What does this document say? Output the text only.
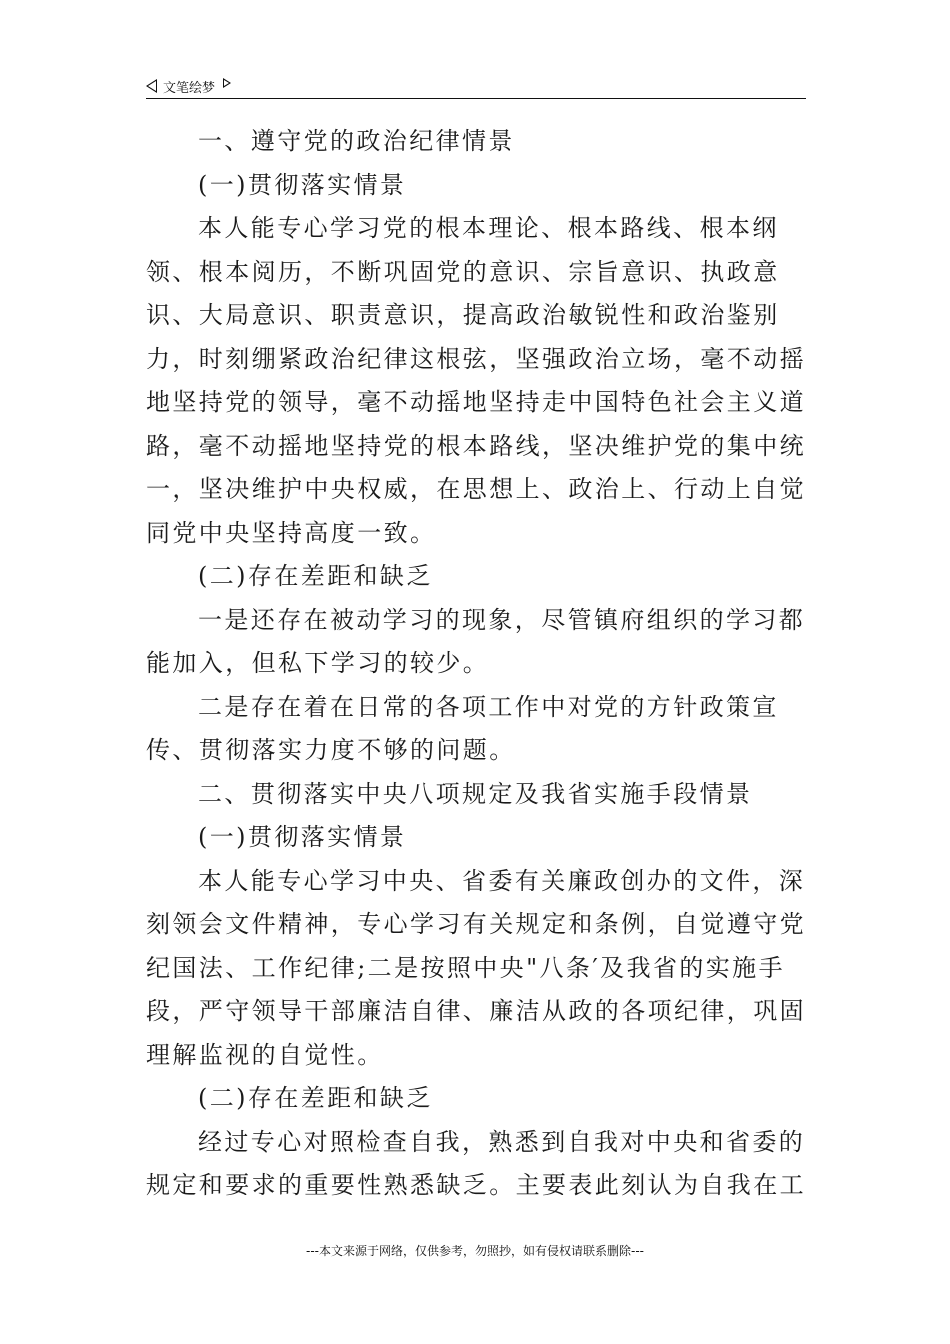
文笔绘梦

一、遵守党的政治纪律情景

(一)贯彻落实情景

本人能专心学习党的根本理论、根本路线、根本纲领、根本阅历，不断巩固党的意识、宗旨意识、执政意识、大局意识、职责意识，提高政治敏锐性和政治鉴别力，时刻绷紧政治纪律这根弦，坚强政治立场，毫不动摇地坚持党的领导，毫不动摇地坚持走中国特色社会主义道路，毫不动摇地坚持党的根本路线，坚决维护党的集中统一，坚决维护中央权威，在思想上、政治上、行动上自觉同党中央坚持高度一致。

(二)存在差距和缺乏

一是还存在被动学习的现象，尽管镇府组织的学习都能加入，但私下学习的较少。

二是存在着在日常的各项工作中对党的方针政策宣传、贯彻落实力度不够的问题。

二、贯彻落实中央八项规定及我省实施手段情景

(一)贯彻落实情景

本人能专心学习中央、省委有关廉政创办的文件，深刻领会文件精神，专心学习有关规定和条例，自觉遵守党纪国法、工作纪律;二是按照中央"八条′及我省的实施手段，严守领导干部廉洁自律、廉洁从政的各项纪律，巩固理解监视的自觉性。

(二)存在差距和缺乏

经过专心对照检查自我，熟悉到自我对中央和省委的规定和要求的重要性熟悉缺乏。主要表此刻认为自我在工

---本文来源于网络，仅供参考，勿照抄，如有侵权请联系删除---
